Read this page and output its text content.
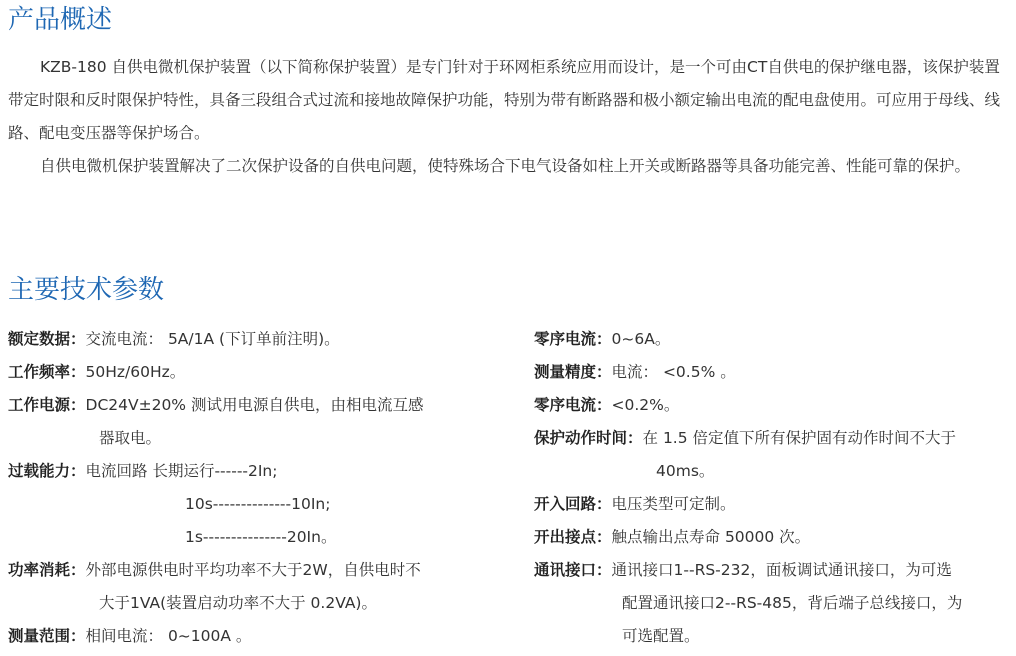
产品概述

KZB-180 自供电微机保护装置（以下简称保护装置）是专门针对于环网柜系统应用而设计，是一个可由CT自供电的保护继电器，该保护装置带定时限和反时限保护特性，具备三段组合式过流和接地故障保护功能，特别为带有断路器和极小额定输出电流的配电盘使用。可应用于母线、线路、配电变压器等保护场合。

自供电微机保护装置解决了二次保护设备的自供电问题，使特殊场合下电气设备如柱上开关或断路器等具备功能完善、性能可靠的保护。

主要技术参数
额定数据：交流电流： 5A/1A (下订单前注明)。
工作频率：50Hz/60Hz。
工作电源：DC24V±20% 测试用电源自供电，由相电流互感
器取电。
过载能力：电流回路 长期运行------2In;
10s--------------10In;
1s---------------20In。
功率消耗：外部电源供电时平均功率不大于2W，自供电时不
大于1VA(装置启动功率不大于 0.2VA)。
测量范围：相间电流： 0~100A 。
零序电流：0~6A。
测量精度：电流： <0.5% 。
零序电流：<0.2%。
保护动作时间：在 1.5 倍定值下所有保护固有动作时间不大于
40ms。
开入回路：电压类型可定制。
开出接点：触点输出点寿命 50000 次。
通讯接口：通讯接口1--RS-232，面板调试通讯接口，为可选
配置通讯接口2--RS-485，背后端子总线接口，为
可选配置。
